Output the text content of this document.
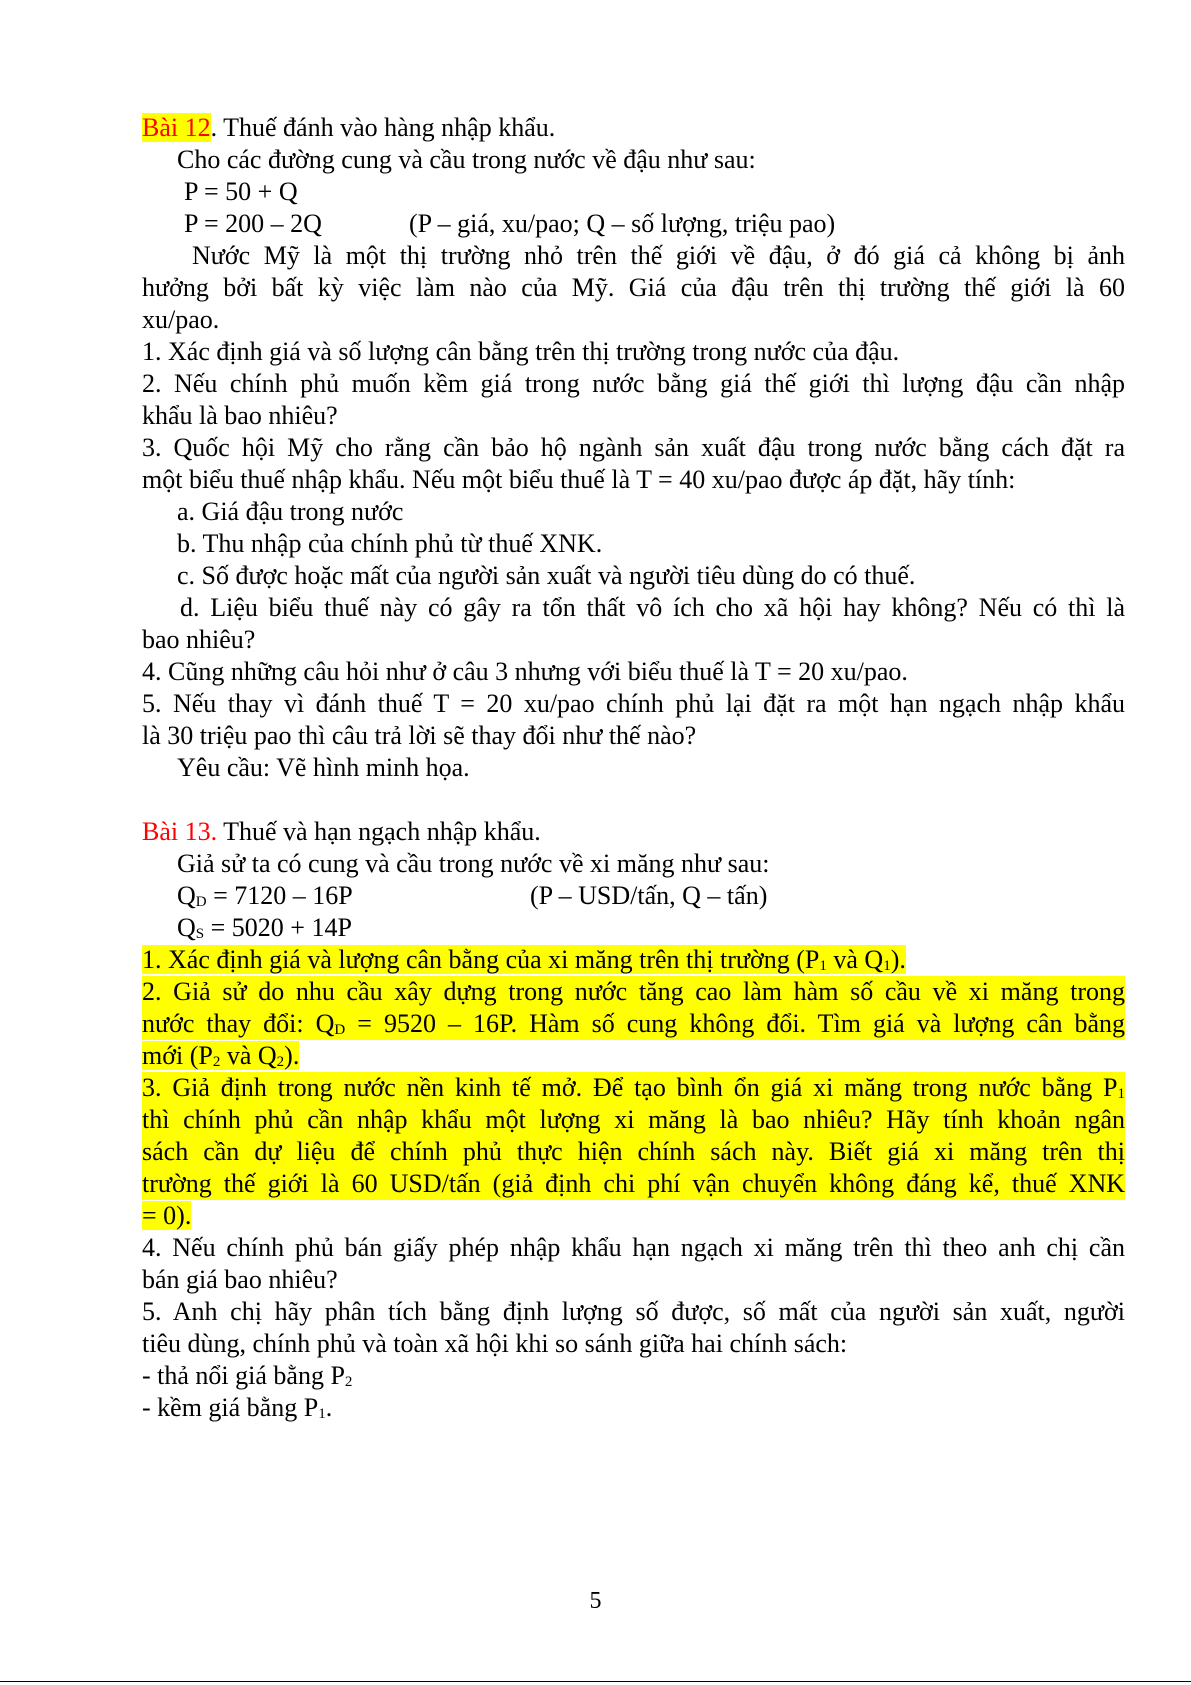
Bài 12. Thuế đánh vào hàng nhập khẩu.
Cho các đường cung và cầu trong nước về đậu như sau:
P = 50 + Q
P = 200 – 2Q	(P – giá, xu/pao; Q – số lượng, triệu pao)
Nước Mỹ là một thị trường nhỏ trên thế giới về đậu, ở đó giá cả không bị ảnh
hưởng bởi bất kỳ việc làm nào của Mỹ. Giá của đậu trên thị trường thế giới là 60
xu/pao.
1. Xác định giá và số lượng cân bằng trên thị trường trong nước của đậu.
2. Nếu chính phủ muốn kềm giá trong nước bằng giá thế giới thì lượng đậu cần nhập
khẩu là bao nhiêu?
3. Quốc hội Mỹ cho rằng cần bảo hộ ngành sản xuất đậu trong nước bằng cách đặt ra
một biểu thuế nhập khẩu. Nếu một biểu thuế là T = 40 xu/pao được áp đặt, hãy tính:
a. Giá đậu trong nước
b. Thu nhập của chính phủ từ thuế XNK.
c. Số được hoặc mất của người sản xuất và người tiêu dùng do có thuế.
d. Liệu biểu thuế này có gây ra tổn thất vô ích cho xã hội hay không? Nếu có thì là
bao nhiêu?
4. Cũng những câu hỏi như ở câu 3 nhưng với biểu thuế là T = 20 xu/pao.
5. Nếu thay vì đánh thuế T = 20 xu/pao chính phủ lại đặt ra một hạn ngạch nhập khẩu
là 30 triệu pao thì câu trả lời sẽ thay đổi như thế nào?
Yêu cầu: Vẽ hình minh họa.
Bài 13. Thuế và hạn ngạch nhập khẩu.
Giả sử ta có cung và cầu trong nước về xi măng như sau:
$Q_D = 7120 - 16P$	(P – USD/tấn, Q – tấn)
$Q_S = 5020 + 14P$
1. Xác định giá và lượng cân bằng của xi măng trên thị trường ($P_1$ và $Q_1$).
2. Giả sử do nhu cầu xây dựng trong nước tăng cao làm hàm số cầu về xi măng trong
nước thay đổi: $Q_D = 9520 - 16P$. Hàm số cung không đổi. Tìm giá và lượng cân bằng
mới ($P_2$ và $Q_2$).
3. Giả định trong nước nền kinh tế mở. Để tạo bình ổn giá xi măng trong nước bằng $P_1$
thì chính phủ cần nhập khẩu một lượng xi măng là bao nhiêu? Hãy tính khoản ngân
sách cần dự liệu để chính phủ thực hiện chính sách này. Biết giá xi măng trên thị
trường thế giới là 60 USD/tấn (giả định chi phí vận chuyển không đáng kể, thuế XNK
= 0).
4. Nếu chính phủ bán giấy phép nhập khẩu hạn ngạch xi măng trên thì theo anh chị cần
bán giá bao nhiêu?
5. Anh chị hãy phân tích bằng định lượng số được, số mất của người sản xuất, người
tiêu dùng, chính phủ và toàn xã hội khi so sánh giữa hai chính sách:
- thả nổi giá bằng $P_2$
- kềm giá bằng $P_1$.
5
